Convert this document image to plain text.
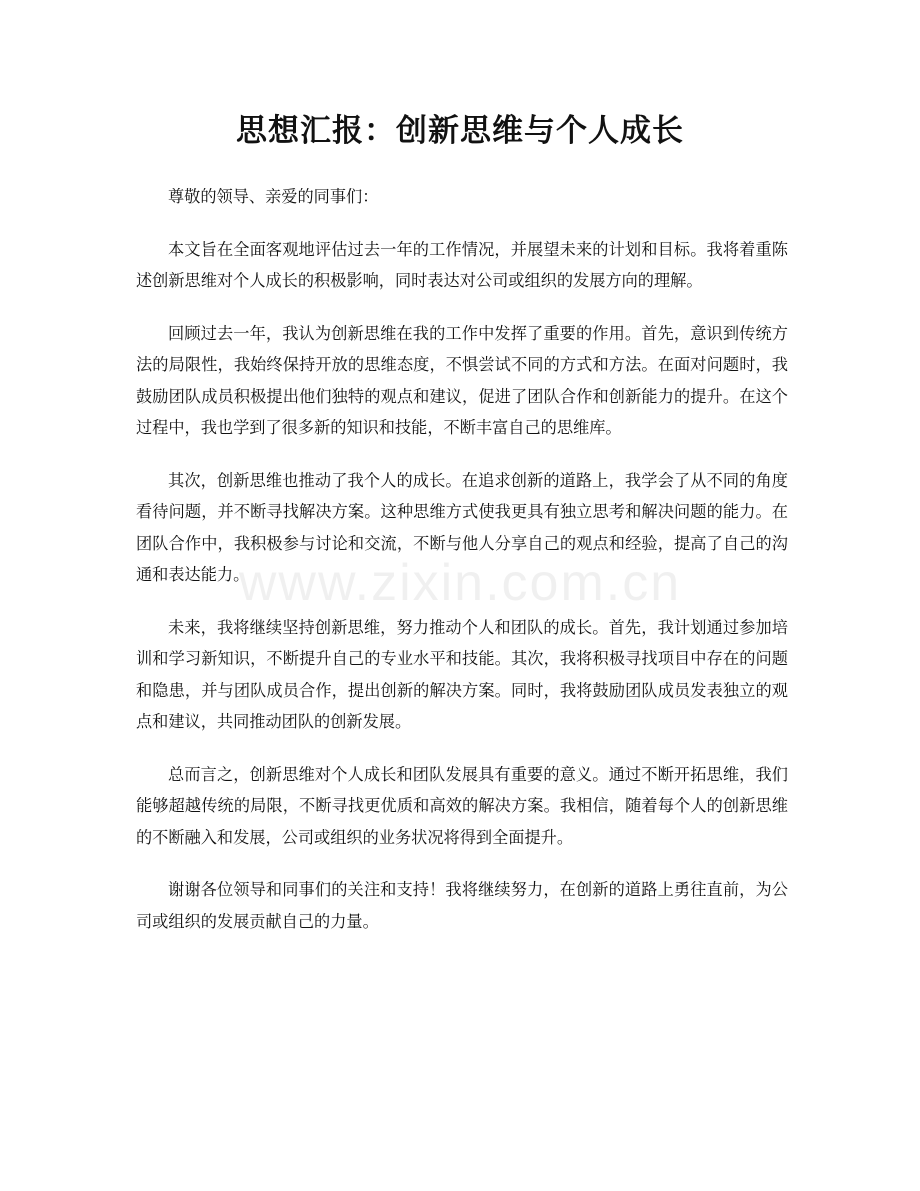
www.zixin.com.cn
思想汇报：创新思维与个人成长

尊敬的领导、亲爱的同事们：

本文旨在全面客观地评估过去一年的工作情况，并展望未来的计划和目标。我将着重陈述创新思维对个人成长的积极影响，同时表达对公司或组织的发展方向的理解。

回顾过去一年，我认为创新思维在我的工作中发挥了重要的作用。首先，意识到传统方法的局限性，我始终保持开放的思维态度，不惧尝试不同的方式和方法。在面对问题时，我鼓励团队成员积极提出他们独特的观点和建议，促进了团队合作和创新能力的提升。在这个过程中，我也学到了很多新的知识和技能，不断丰富自己的思维库。

其次，创新思维也推动了我个人的成长。在追求创新的道路上，我学会了从不同的角度看待问题，并不断寻找解决方案。这种思维方式使我更具有独立思考和解决问题的能力。在团队合作中，我积极参与讨论和交流，不断与他人分享自己的观点和经验，提高了自己的沟通和表达能力。

未来，我将继续坚持创新思维，努力推动个人和团队的成长。首先，我计划通过参加培训和学习新知识，不断提升自己的专业水平和技能。其次，我将积极寻找项目中存在的问题和隐患，并与团队成员合作，提出创新的解决方案。同时，我将鼓励团队成员发表独立的观点和建议，共同推动团队的创新发展。

总而言之，创新思维对个人成长和团队发展具有重要的意义。通过不断开拓思维，我们能够超越传统的局限，不断寻找更优质和高效的解决方案。我相信，随着每个人的创新思维的不断融入和发展，公司或组织的业务状况将得到全面提升。

谢谢各位领导和同事们的关注和支持！我将继续努力，在创新的道路上勇往直前，为公司或组织的发展贡献自己的力量。
